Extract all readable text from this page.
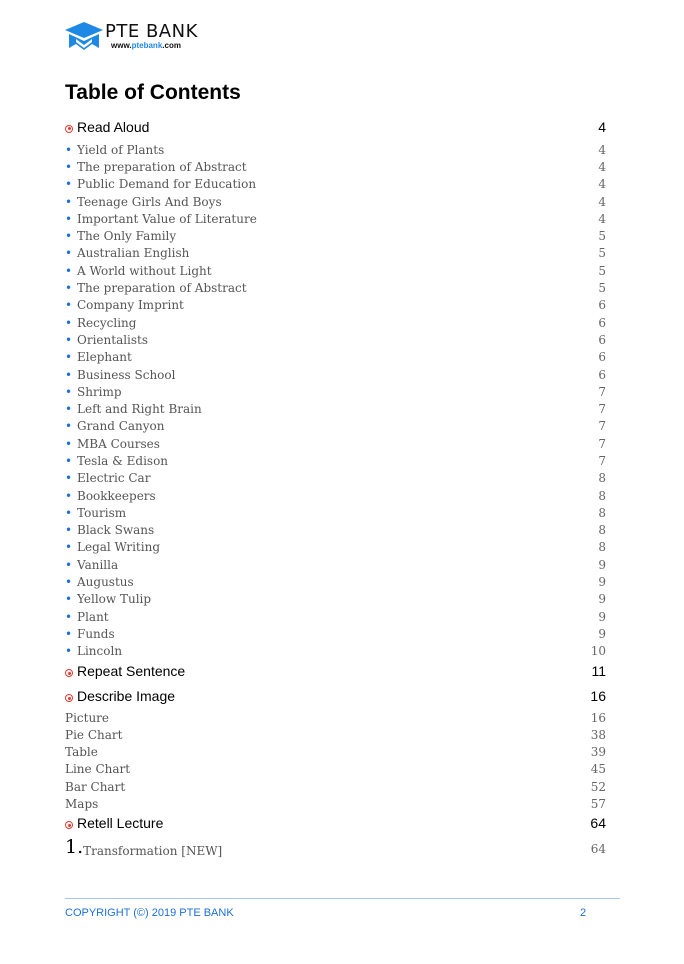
PTE BANK
www.ptebank.com
Table of Contents
Read Aloud	4
• Yield of Plants	4
• The preparation of Abstract	4
• Public Demand for Education	4
• Teenage Girls And Boys	4
• Important Value of Literature	4
• The Only Family	5
• Australian English	5
• A World without Light	5
• The preparation of Abstract	5
• Company Imprint	6
• Recycling	6
• Orientalists	6
• Elephant	6
• Business School	6
• Shrimp	7
• Left and Right Brain	7
• Grand Canyon	7
• MBA Courses	7
• Tesla & Edison	7
• Electric Car	8
• Bookkeepers	8
• Tourism	8
• Black Swans	8
• Legal Writing	8
• Vanilla	9
• Augustus	9
• Yellow Tulip	9
• Plant	9
• Funds	9
• Lincoln	10
Repeat Sentence	11
Describe Image	16
Picture	16
Pie Chart	38
Table	39
Line Chart	45
Bar Chart	52
Maps	57
Retell Lecture	64
1. Transformation [NEW]	64
COPYRIGHT (©) 2019 PTE BANK	2
